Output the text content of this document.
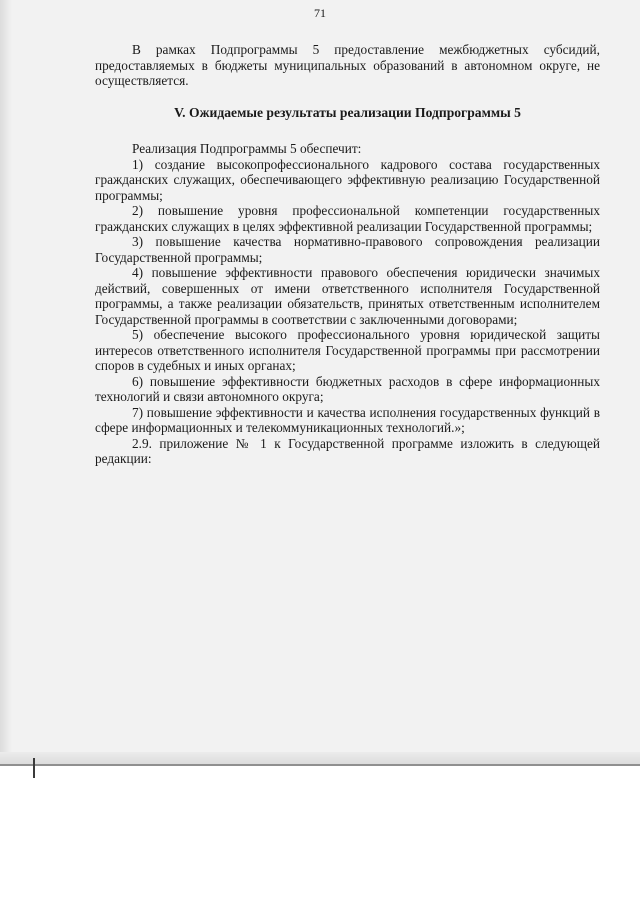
71

В рамках Подпрограммы 5 предоставление межбюджетных субсидий, предоставляемых в бюджеты муниципальных образований в автономном округе, не осуществляется.

V. Ожидаемые результаты реализации Подпрограммы 5

Реализация Подпрограммы 5 обеспечит:

1) создание высокопрофессионального кадрового состава государственных гражданских служащих, обеспечивающего эффективную реализацию Государственной программы;

2) повышение уровня профессиональной компетенции государственных гражданских служащих в целях эффективной реализации Государственной программы;

3) повышение качества нормативно-правового сопровождения реализации Государственной программы;

4) повышение эффективности правового обеспечения юридически значимых действий, совершенных от имени ответственного исполнителя Государственной программы, а также реализации обязательств, принятых ответственным исполнителем Государственной программы в соответствии с заключенными договорами;

5) обеспечение высокого профессионального уровня юридической защиты интересов ответственного исполнителя Государственной программы при рассмотрении споров в судебных и иных органах;

6) повышение эффективности бюджетных расходов в сфере информационных технологий и связи автономного округа;

7) повышение эффективности и качества исполнения государственных функций в сфере информационных и телекоммуникационных технологий.»;

2.9. приложение № 1 к Государственной программе изложить в следующей редакции:
